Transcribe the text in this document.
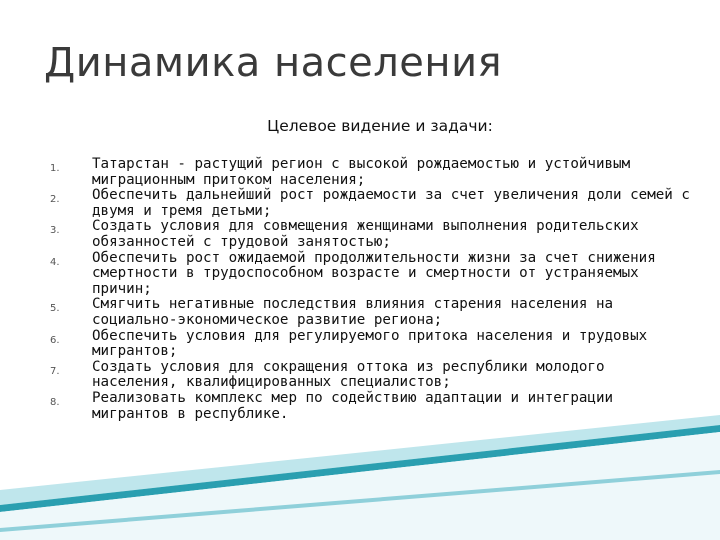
Динамика населения
Целевое видение и задачи:
1. Татарстан - растущий регион с высокой рождаемостью и устойчивым миграционным притоком населения;
2. Обеспечить дальнейший рост рождаемости за счет увеличения доли семей с двумя и тремя детьми;
3. Создать условия для совмещения женщинами выполнения родительских обязанностей с трудовой занятостью;
4. Обеспечить рост ожидаемой продолжительности жизни за счет снижения смертности в трудоспособном возрасте и смертности от устраняемых причин;
5. Смягчить негативные последствия влияния старения населения на социально-экономическое развитие региона;
6. Обеспечить условия для регулируемого притока населения и трудовых мигрантов;
7. Создать условия для сокращения оттока из республики молодого населения, квалифицированных специалистов;
8. Реализовать комплекс мер по содействию адаптации и интеграции мигрантов в республике.
